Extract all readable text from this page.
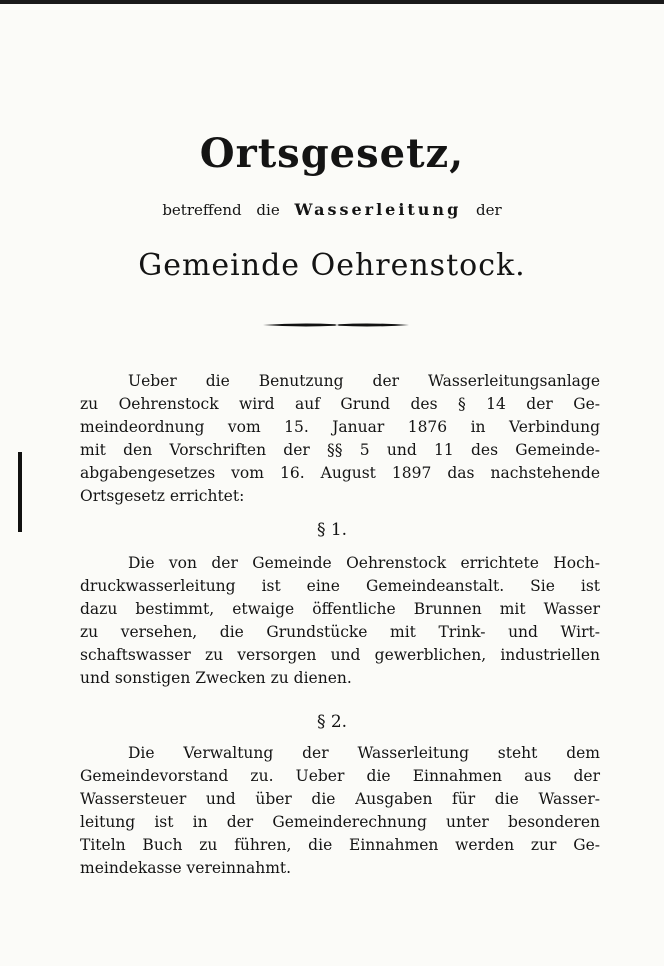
Ortsgesetz,
betreffend die Wasserleitung der
Gemeinde Oehrenstock.
Ueber die Benutzung der Wasserleitungsanlage
zu Oehrenstock wird auf Grund des § 14 der Ge-
meindeordnung vom 15. Januar 1876 in Verbindung
mit den Vorschriften der §§ 5 und 11 des Gemeinde-
abgabengesetzes vom 16. August 1897 das nachstehende
Ortsgesetz errichtet:
§ 1.
Die von der Gemeinde Oehrenstock errichtete Hoch-
druckwasserleitung ist eine Gemeindeanstalt. Sie ist
dazu bestimmt, etwaige öffentliche Brunnen mit Wasser
zu versehen, die Grundstücke mit Trink- und Wirt-
schaftswasser zu versorgen und gewerblichen, industriellen
und sonstigen Zwecken zu dienen.
§ 2.
Die Verwaltung der Wasserleitung steht dem
Gemeindevorstand zu. Ueber die Einnahmen aus der
Wassersteuer und über die Ausgaben für die Wasser-
leitung ist in der Gemeinderechnung unter besonderen
Titeln Buch zu führen, die Einnahmen werden zur Ge-
meindekasse vereinnahmt.
